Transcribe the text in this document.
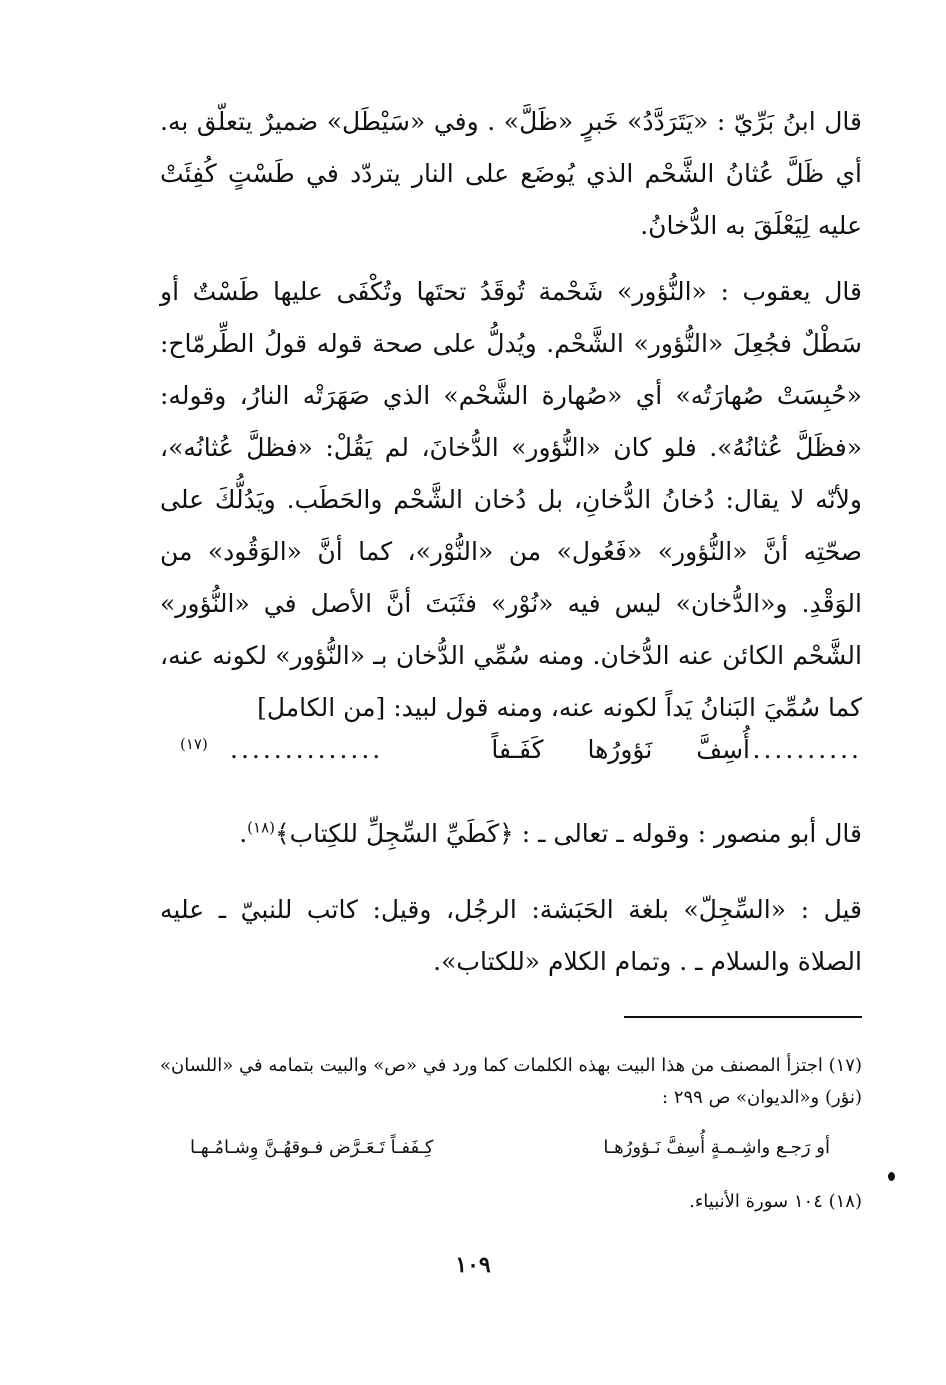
قال ابنُ بَرِّيّ : «يَتَرَدَّدُ» خَبرٍ «ظَلَّ» . وفي «سَيْطَل» ضميرٌ يتعلّق به. أي ظَلَّ عُثانُ الشَّحْم الذي يُوضَع على النار يتردّد في طَسْتٍ كُفِئَتْ عليه لِيَعْلَقَ به الدُّخانُ.

قال يعقوب : «النُّؤور» شَحْمة تُوقَدُ تحتَها وتُكْفَى عليها طَسْتٌ أو سَطْلٌ فجُعِلَ «النُّؤور» الشَّحْم. ويُدلُّ على صحة قوله قولُ الطِّرمّاح: «حُبِسَتْ صُهارَتُه» أي «صُهارة الشَّحْم» الذي صَهَرَتْه النارُ، وقوله: «فظَلَّ عُثانُهُ». فلو كان «النُّؤور» الدُّخانَ، لم يَقُلْ: «فظلَّ عُثانُه»، ولأنّه لا يقال: دُخانُ الدُّخانِ، بل دُخان الشَّحْم والحَطَب. ويَدُلُّكَ على صحّتِه أنَّ «النُّؤور» «فَعُول» من «النُّوْر»، كما أنَّ «الوَقُود» من الوَقْدِ. و«الدُّخان» ليس فيه «نُوْر» فثَبَتَ أنَّ الأصل في «النُّؤور» الشَّحْم الكائن عنه الدُّخان. ومنه سُمِّي الدُّخان بـ «النُّؤور» لكونه عنه، كما سُمِّيَ البَنانُ يَداً لكونه عنه، ومنه قول لبيد: [من الكامل]

..........
أُسِفَّ نَؤورُها كَفَـفاً
..............
(١٧)

قال أبو منصور : وقوله ـ تعالى ـ : ﴿كَطَيِّ السِّجِلِّ للكِتاب﴾$^{(١٨)}$.

قيل : «السِّجِلّ» بلغة الحَبَشة: الرجُل، وقيل: كاتب للنبيّ ـ عليه الصلاة والسلام ـ . وتمام الكلام «للكتاب».

(١٧) اجتزأ المصنف من هذا البيت بهذه الكلمات كما ورد في «ص» والبيت بتمامه في «اللسان» (نؤر) و«الديوان» ص ٢٩٩ :

أو رَجـع واشِـمـةٍ أُسِفَّ نَـؤورُهـا
كِـفَفـاً تَـعَـرَّض فـوقهُـنَّ وِشـامُـهـا

(١٨) ١٠٤ سورة الأنبياء.

١٠٩
